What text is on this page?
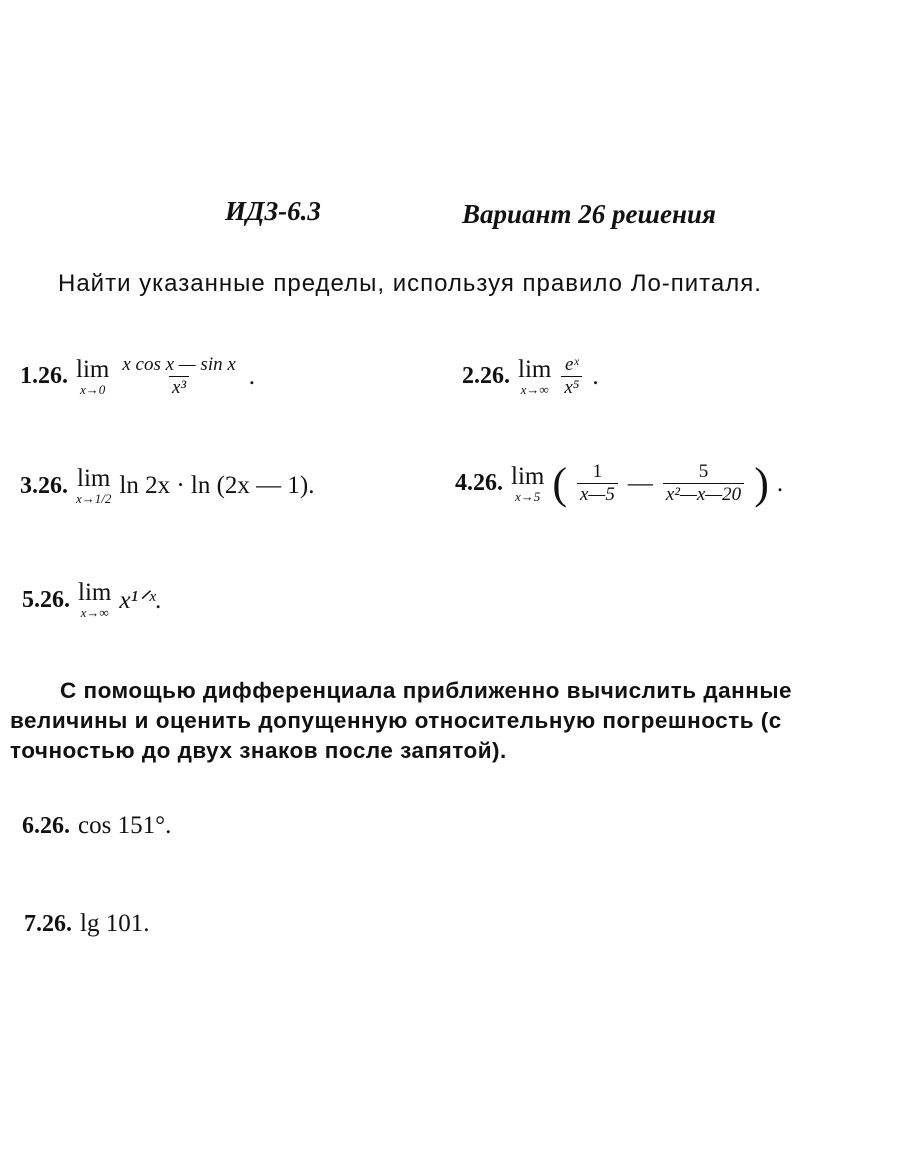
ИДЗ-6.3	Вариант 26 решения
Найти указанные пределы, используя правило Ло-питаля.
1.26. lim
$x\to 0 \frac{\text{x cos x — sin x}}{\text{x³}}$ .	2.26. lim
$x\to\infty \frac{\text{eˣ}}{\text{x⁵}}$ .
3.26. lim
x→1/2 ln 2x · ln (2x — 1).	4.26. lim
x→5 ( $\frac{1}{x—5}$ — $\frac{5}{\text{x²—x—20}}$ ) .
5.26. lim
x→∞ x¹ᐟˣ.
С помощью дифференциала приближенно вычислить данные величины и оценить допущенную относительную погрешность (с точностью до двух знаков после запятой).
6.26. cos 151°.
7.26. lg 101.
